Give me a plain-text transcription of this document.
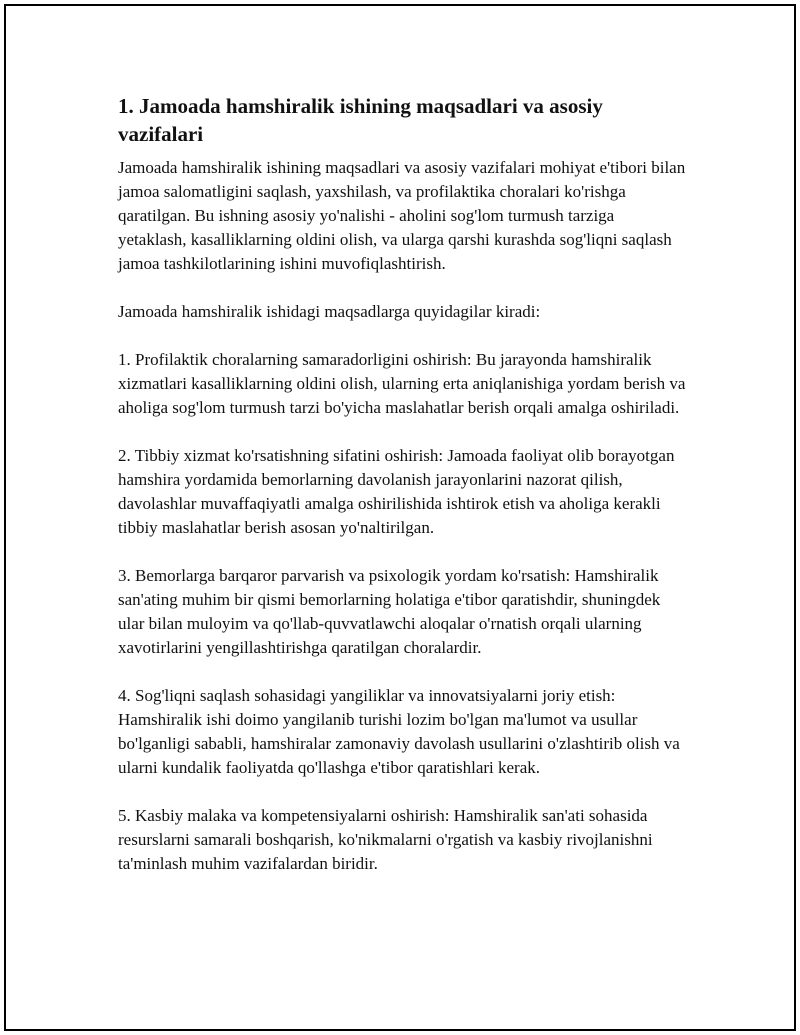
1. Jamoada hamshiralik ishining maqsadlari va asosiy vazifalari

Jamoada hamshiralik ishining maqsadlari va asosiy vazifalari mohiyat e'tibori bilan jamoa salomatligini saqlash, yaxshilash, va profilaktika choralari ko'rishga qaratilgan. Bu ishning asosiy yo'nalishi - aholini sog'lom turmush tarziga yetaklash, kasalliklarning oldini olish, va ularga qarshi kurashda sog'liqni saqlash jamoa tashkilotlarining ishini muvofiqlashtirish.

Jamoada hamshiralik ishidagi maqsadlarga quyidagilar kiradi:

1. Profilaktik choralarning samaradorligini oshirish: Bu jarayonda hamshiralik xizmatlari kasalliklarning oldini olish, ularning erta aniqlanishiga yordam berish va aholiga sog'lom turmush tarzi bo'yicha maslahatlar berish orqali amalga oshiriladi.

2. Tibbiy xizmat ko'rsatishning sifatini oshirish: Jamoada faoliyat olib borayotgan hamshira yordamida bemorlarning davolanish jarayonlarini nazorat qilish, davolashlar muvaffaqiyatli amalga oshirilishida ishtirok etish va aholiga kerakli tibbiy maslahatlar berish asosan yo'naltirilgan.

3. Bemorlarga barqaror parvarish va psixologik yordam ko'rsatish: Hamshiralik san'ating muhim bir qismi bemorlarning holatiga e'tibor qaratishdir, shuningdek ular bilan muloyim va qo'llab-quvvatlawchi aloqalar o'rnatish orqali ularning xavotirlarini yengillashtirishga qaratilgan choralardir.

4. Sog'liqni saqlash sohasidagi yangiliklar va innovatsiyalarni joriy etish: Hamshiralik ishi doimo yangilanib turishi lozim bo'lgan ma'lumot va usullar bo'lganligi sababli, hamshiralar zamonaviy davolash usullarini o'zlashtirib olish va ularni kundalik faoliyatda qo'llashga e'tibor qaratishlari kerak.

5. Kasbiy malaka va kompetensiyalarni oshirish: Hamshiralik san'ati sohasida resurslarni samarali boshqarish, ko'nikmalarni o'rgatish va kasbiy rivojlanishni ta'minlash muhim vazifalardan biridir.
